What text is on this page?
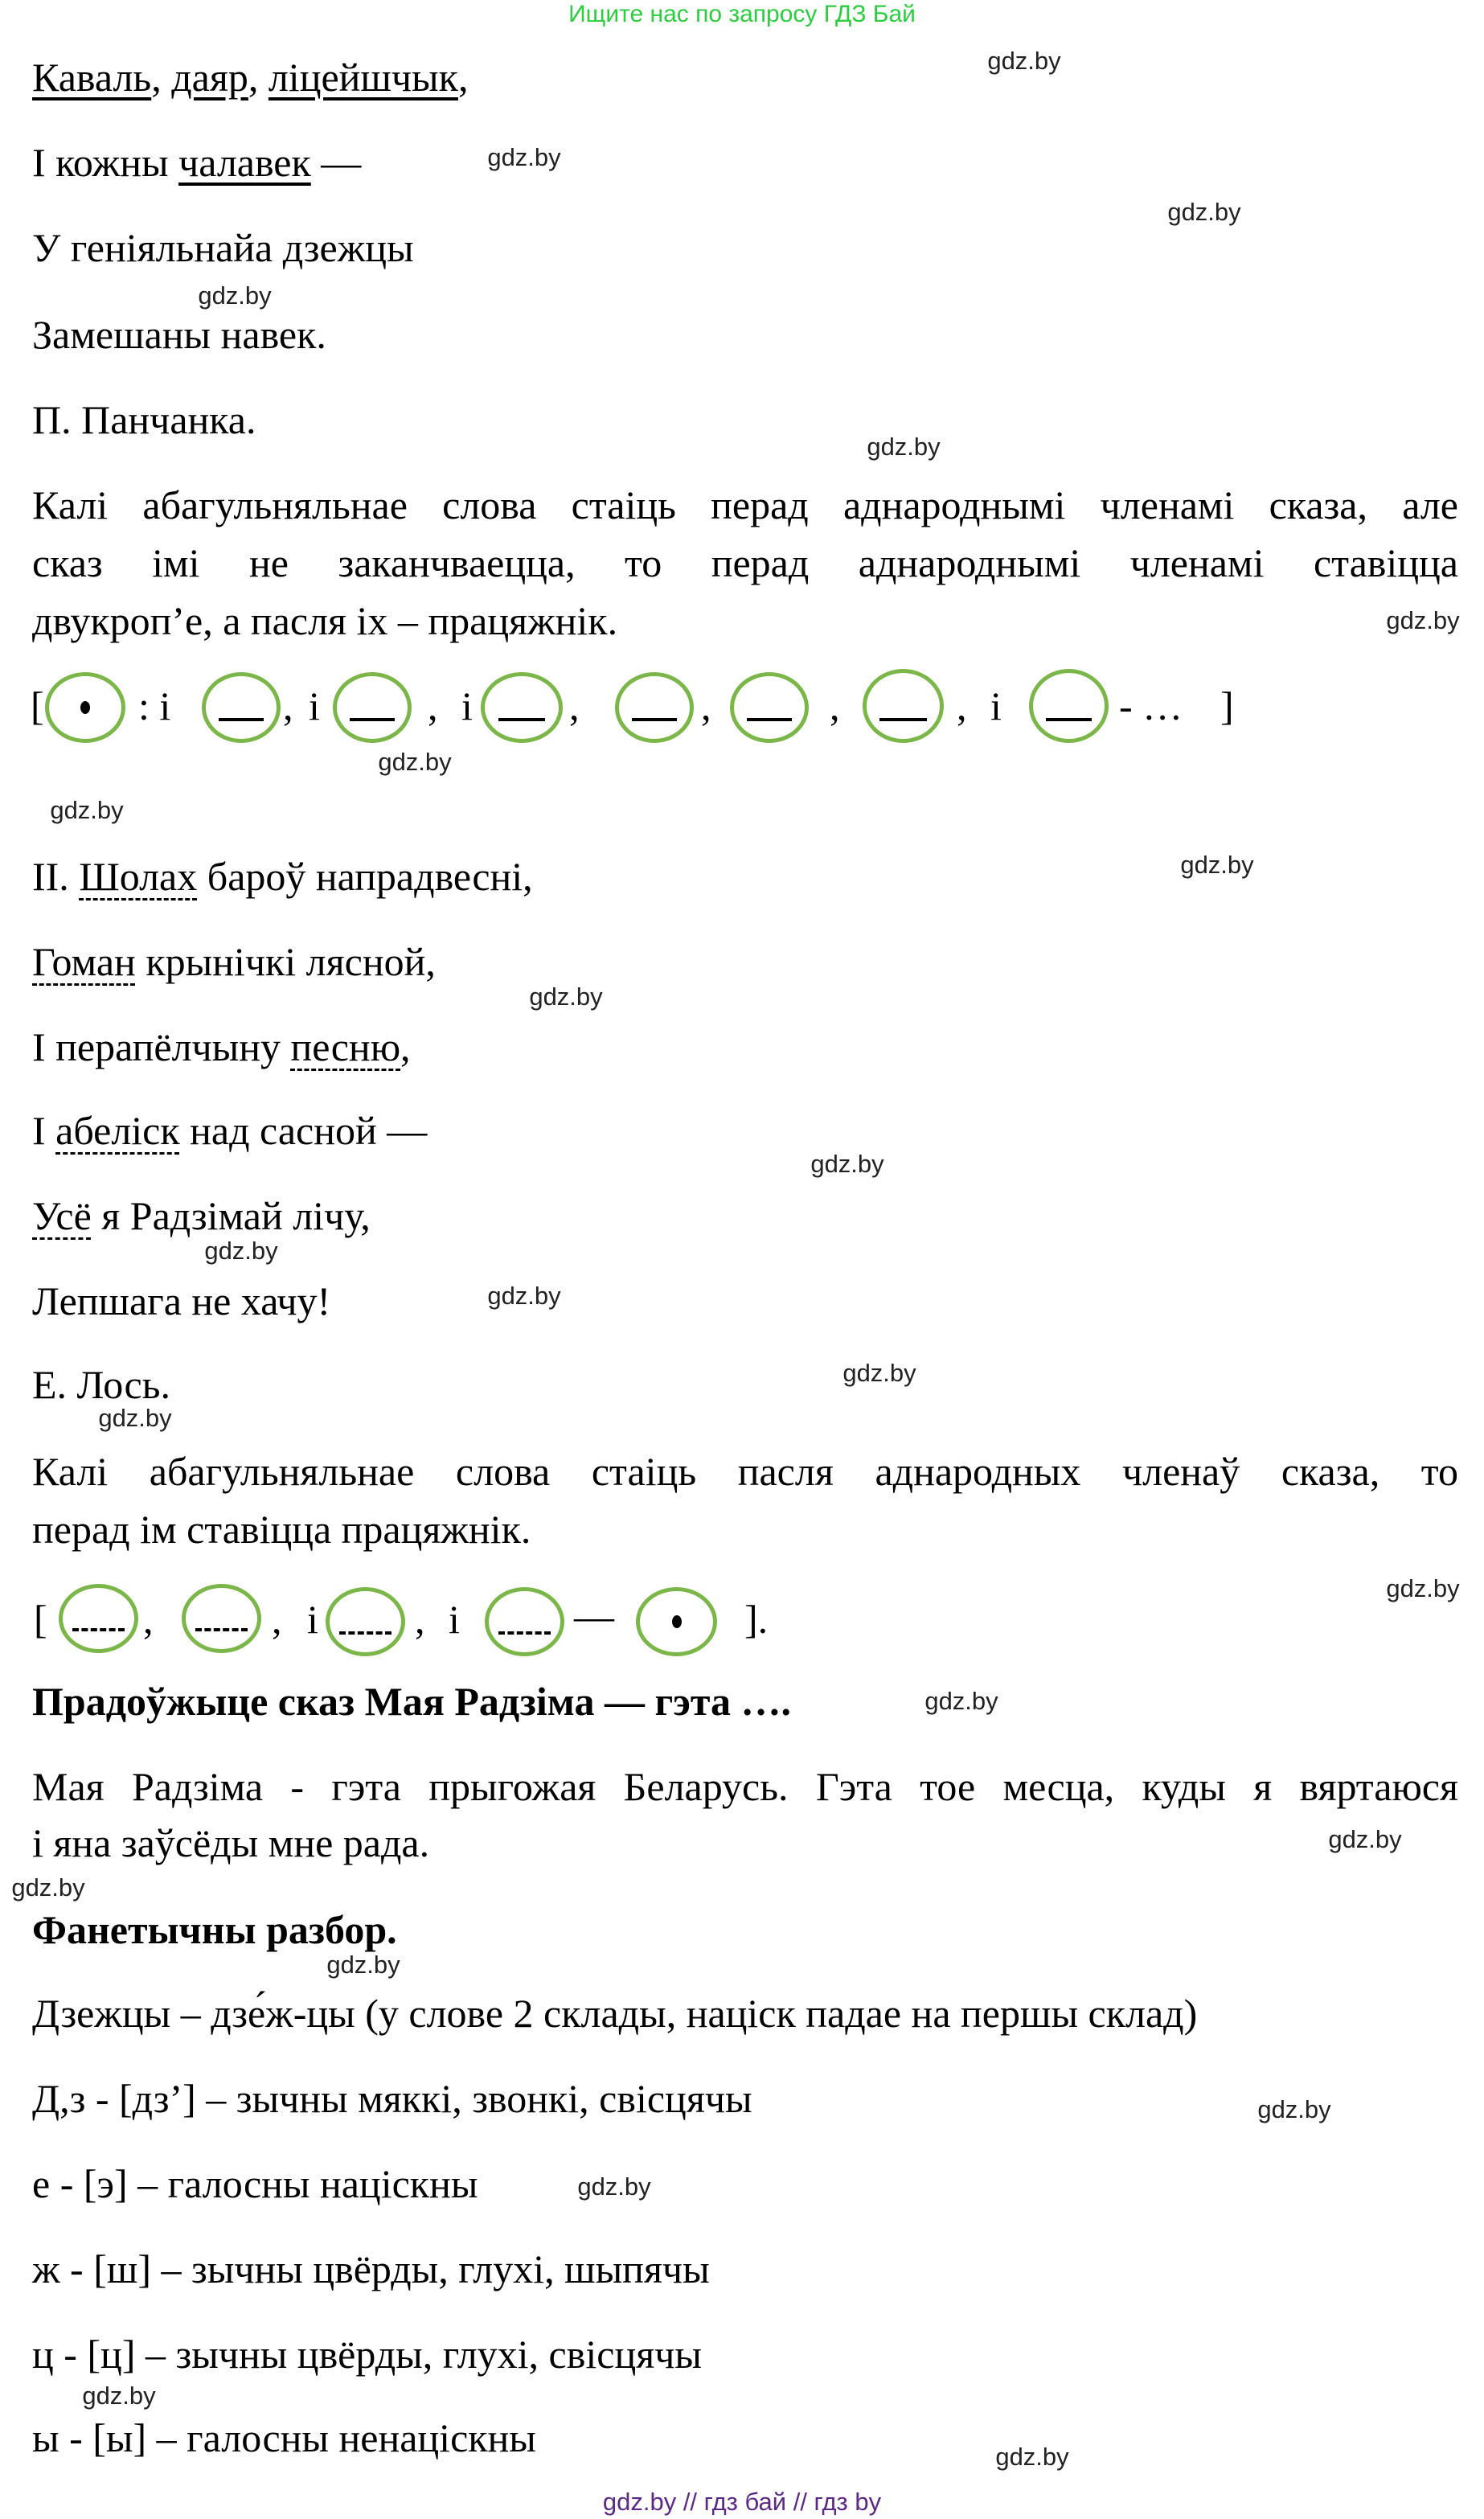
Ищите нас по запросу ГДЗ Бай
Каваль, даяр, ліцейшчык,
І кожны чалавек —
У геніяльнайа дзежцы
Замешаны навек.
П. Панчанка.
Калі абагульняльнае слова стаіць перад аднароднымі членамі сказа, але
сказ імі не заканчваецца, то перад аднароднымі членамі ставіцца
двукроп’е, а пасля іх – працяжнік.
[ : і	, і	, і ,	,	,	, і	- … ]
ІІ. Шолах бароў напрадвесні,
Гоман крынічкі лясной,
І перапёлчыну песню,
І абеліск над сасной —
Усё я Радзімай лічу,
Лепшага не хачу!
Е. Лось.
Калі абагульняльнае слова стаіць пасля аднародных членаў сказа, то
перад ім ставіцца працяжнік.
[ ,	, і , і	—	].
Прадоўжыце сказ Мая Радзіма — гэта ….
Мая Радзіма - гэта прыгожая Беларусь. Гэта тое месца, куды я вяртаюся
і яна заўсёды мне рада.
Фанетычны разбор.
Дзежцы – дзе́ж-цы (у слове 2 склады, націск падае на першы склад)
Д,з - [дз’] – зычны мяккі, звонкі, свісцячы
е - [э] – галосны націскны
ж - [ш] – зычны цвёрды, глухі, шыпячы
ц - [ц] – зычны цвёрды, глухі, свісцячы
ы - [ы] – галосны ненаціскны
gdz.by
gdz.by
gdz.by
gdz.by
gdz.by
gdz.by
gdz.by
gdz.by
gdz.by
gdz.by
gdz.by
gdz.by
gdz.by
gdz.by
gdz.by
gdz.by
gdz.by
gdz.by
gdz.by
gdz.by
gdz.by
gdz.by
gdz.by
gdz.by
gdz.by // гдз бай // гдз by
